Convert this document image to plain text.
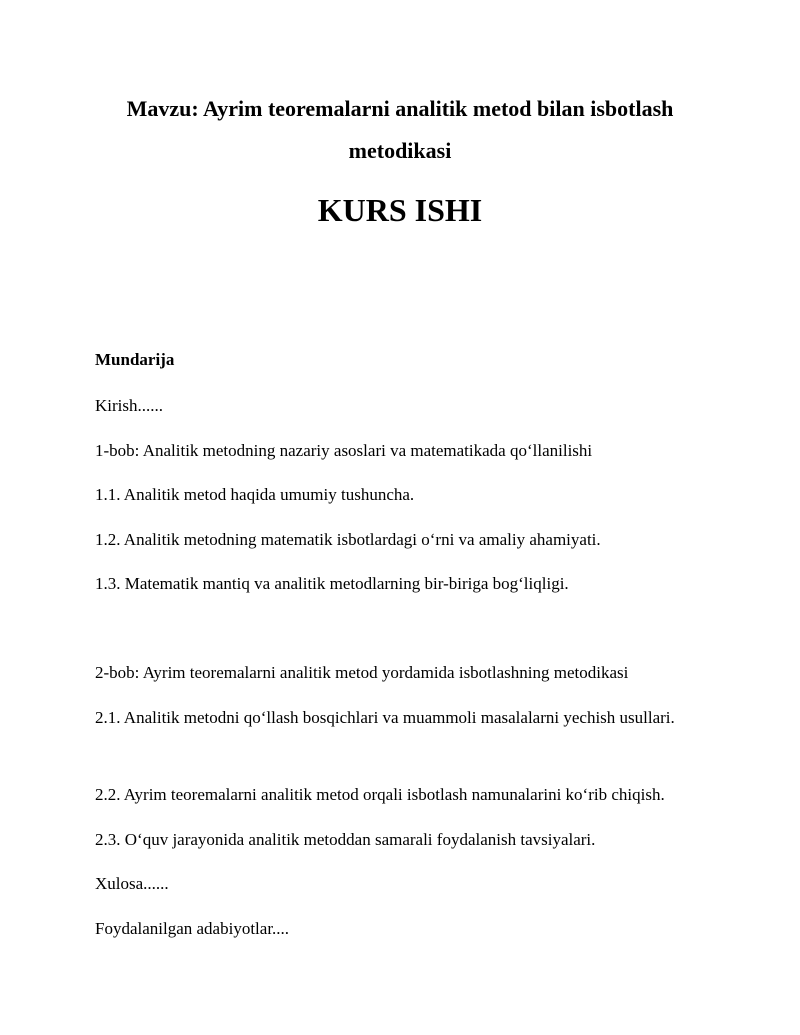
Mavzu: Ayrim teoremalarni analitik metod bilan isbotlash metodikasi
KURS ISHI

Mundarija

Kirish......

1-bob: Analitik metodning nazariy asoslari va matematikada qo‘llanilishi

1.1. Analitik metod haqida umumiy tushuncha.

1.2. Analitik metodning matematik isbotlardagi o‘rni va amaliy ahamiyati.

1.3. Matematik mantiq va analitik metodlarning bir-biriga bog‘liqligi.

2-bob: Ayrim teoremalarni analitik metod yordamida isbotlashning metodikasi

2.1. Analitik metodni qo‘llash bosqichlari va muammoli masalalarni yechish usullari.

2.2. Ayrim teoremalarni analitik metod orqali isbotlash namunalarini ko‘rib chiqish.

2.3. O‘quv jarayonida analitik metoddan samarali foydalanish tavsiyalari.

Xulosa......

Foydalanilgan adabiyotlar....
